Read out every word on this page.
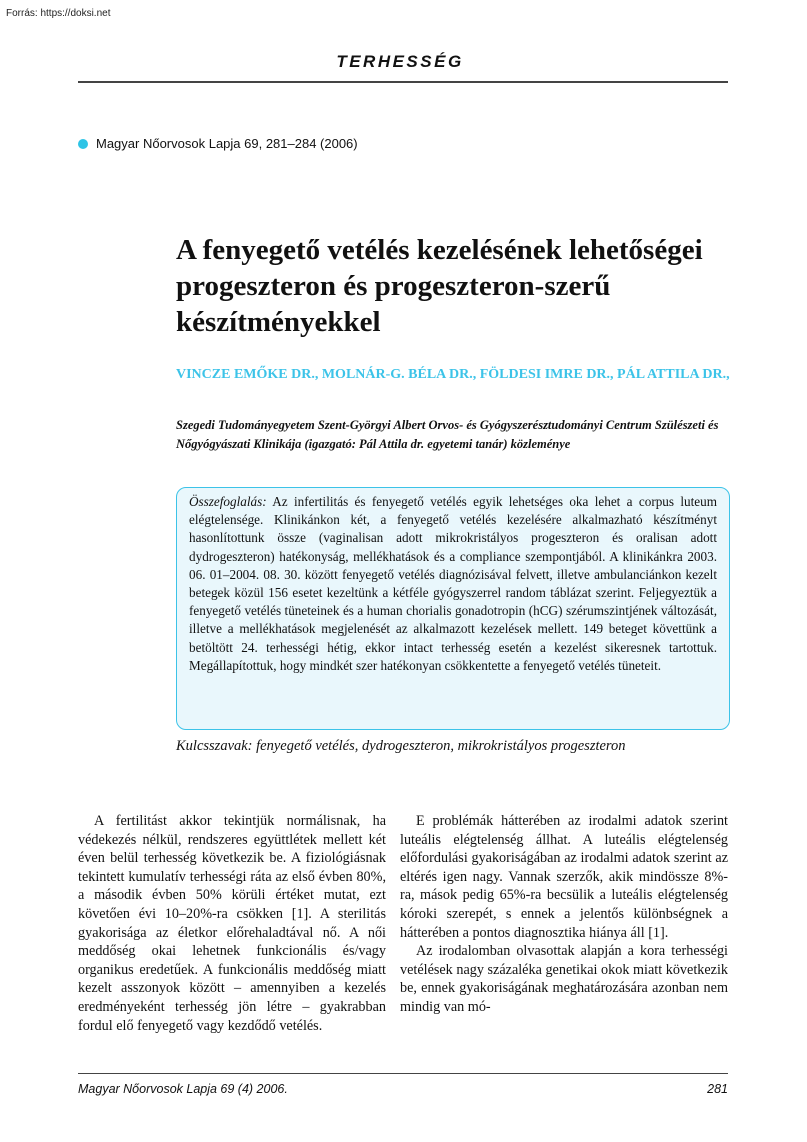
Forrás: https://doksi.net
TERHESSÉG
Magyar Nőorvosok Lapja 69, 281–284 (2006)
A fenyegető vetélés kezelésének lehetőségei progeszteron és progeszteron-szerű készítményekkel
VINCZE EMŐKE DR., MOLNÁR-G. BÉLA DR., FÖLDESI IMRE DR., PÁL ATTILA DR.,
Szegedi Tudományegyetem Szent-Györgyi Albert Orvos- és Gyógyszerésztudományi Centrum Szülészeti és Nőgyógyászati Klinikája (igazgató: Pál Attila dr. egyetemi tanár) közleménye
Összefoglalás: Az infertilitás és fenyegető vetélés egyik lehetséges oka lehet a corpus luteum elégtelensége. Klinikánkon két, a fenyegető vetélés kezelésére alkalmazható készítményt hasonlítottunk össze (vaginalisan adott mikrokristályos progeszteron és oralisan adott dydrogeszteron) hatékonyság, mellékhatások és a compliance szempontjából. A klinikánkra 2003. 06. 01–2004. 08. 30. között fenyegető vetélés diagnózisával felvett, illetve ambulanciánkon kezelt betegek közül 156 esetet kezeltünk a kétféle gyógyszerrel random táblázat szerint. Feljegyeztük a fenyegető vetélés tüneteinek és a human chorialis gonadotropin (hCG) szérumszintjének változását, illetve a mellékhatások megjelenését az alkalmazott kezelések mellett. 149 beteget követtünk a betöltött 24. terhességi hétig, ekkor intact terhesség esetén a kezelést sikeresnek tartottuk. Megállapítottuk, hogy mindkét szer hatékonyan csökkentette a fenyegető vetélés tüneteit.
Kulcsszavak: fenyegető vetélés, dydrogeszteron, mikrokristályos progeszteron

A fertilitást akkor tekintjük normálisnak, ha védekezés nélkül, rendszeres együttlétek mellett két éven belül terhesség következik be. A fiziológiásnak tekintett kumulatív terhességi ráta az első évben 80%, a második évben 50% körüli értéket mutat, ezt követően évi 10–20%-ra csökken [1]. A sterilitás gyakorisága az életkor előrehaladtával nő. A női meddőség okai lehetnek funkcionális és/vagy organikus eredetűek. A funkcionális meddőség miatt kezelt asszonyok között – amennyiben a kezelés eredményeként terhesség jön létre – gyakrabban fordul elő fenyegető vagy kezdődő vetélés.

E problémák hátterében az irodalmi adatok szerint luteális elégtelenség állhat. A luteális elégtelenség előfordulási gyakoriságában az irodalmi adatok szerint az eltérés igen nagy. Vannak szerzők, akik mindössze 8%-ra, mások pedig 65%-ra becsülik a luteális elégtelenség kóroki szerepét, s ennek a jelentős különbségnek a hátterében a pontos diagnosztika hiánya áll [1].

Az irodalomban olvasottak alapján a kora terhességi vetélések nagy százaléka genetikai okok miatt következik be, ennek gyakoriságának meghatározására azonban nem mindig van mó-

Magyar Nőorvosok Lapja 69 (4) 2006.	281
